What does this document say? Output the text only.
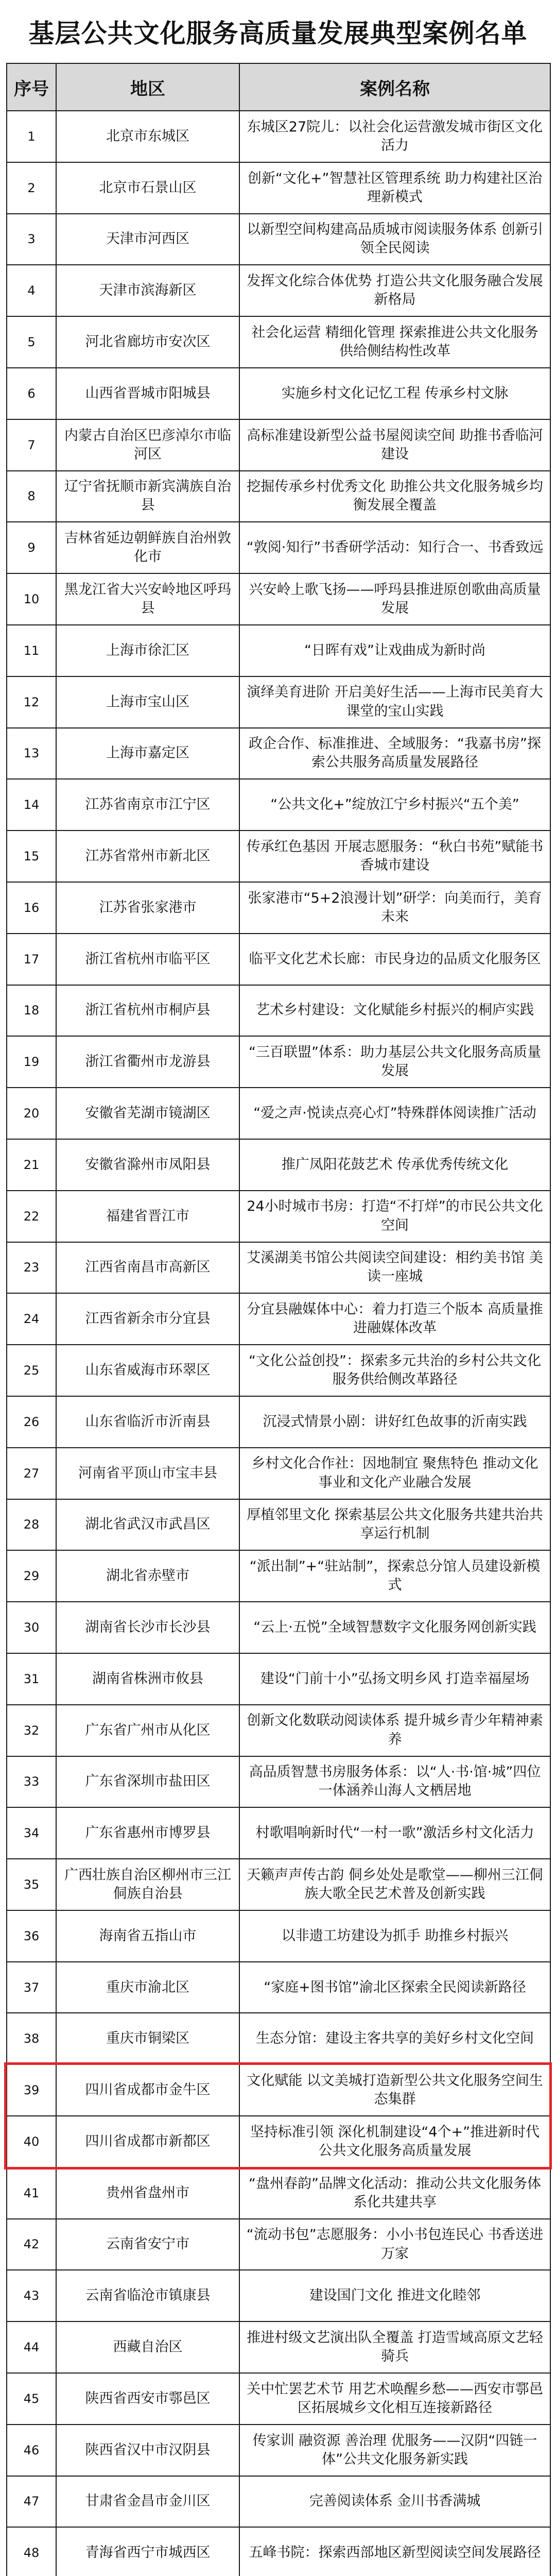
基层公共文化服务高质量发展典型案例名单
序号	地区	案例名称
1	北京市东城区	东城区27院儿：以社会化运营激发城市街区文化活力
2	北京市石景山区	创新“文化+”智慧社区管理系统 助力构建社区治理新模式
3	天津市河西区	以新型空间构建高品质城市阅读服务体系 创新引领全民阅读
4	天津市滨海新区	发挥文化综合体优势 打造公共文化服务融合发展新格局
5	河北省廊坊市安次区	社会化运营 精细化管理 探索推进公共文化服务供给侧结构性改革
6	山西省晋城市阳城县	实施乡村文化记忆工程 传承乡村文脉
7	内蒙古自治区巴彦淖尔市临河区	高标准建设新型公益书屋阅读空间 助推书香临河建设
8	辽宁省抚顺市新宾满族自治县	挖掘传承乡村优秀文化 助推公共文化服务城乡均衡发展全覆盖
9	吉林省延边朝鲜族自治州敦化市	“敦阅·知行”书香研学活动：知行合一、书香致远
10	黑龙江省大兴安岭地区呼玛县	兴安岭上歌飞扬——呼玛县推进原创歌曲高质量发展
11	上海市徐汇区	“日晖有戏”让戏曲成为新时尚
12	上海市宝山区	演绎美育进阶 开启美好生活——上海市民美育大课堂的宝山实践
13	上海市嘉定区	政企合作、标准推进、全域服务：“我嘉书房”探索公共服务高质量发展路径
14	江苏省南京市江宁区	“公共文化+”绽放江宁乡村振兴“五个美”
15	江苏省常州市新北区	传承红色基因 开展志愿服务：“秋白书苑”赋能书香城市建设
16	江苏省张家港市	张家港市“5+2浪漫计划”研学：向美而行，美育未来
17	浙江省杭州市临平区	临平文化艺术长廊：市民身边的品质文化服务区
18	浙江省杭州市桐庐县	艺术乡村建设：文化赋能乡村振兴的桐庐实践
19	浙江省衢州市龙游县	“三百联盟”体系：助力基层公共文化服务高质量发展
20	安徽省芜湖市镜湖区	“爱之声·悦读点亮心灯”特殊群体阅读推广活动
21	安徽省滁州市凤阳县	推广凤阳花鼓艺术 传承优秀传统文化
22	福建省晋江市	24小时城市书房：打造“不打烊”的市民公共文化空间
23	江西省南昌市高新区	艾溪湖美书馆公共阅读空间建设：相约美书馆 美读一座城
24	江西省新余市分宜县	分宜县融媒体中心：着力打造三个版本 高质量推进融媒体改革
25	山东省威海市环翠区	“文化公益创投”：探索多元共治的乡村公共文化服务供给侧改革路径
26	山东省临沂市沂南县	沉浸式情景小剧：讲好红色故事的沂南实践
27	河南省平顶山市宝丰县	乡村文化合作社：因地制宜 聚焦特色 推动文化事业和文化产业融合发展
28	湖北省武汉市武昌区	厚植邻里文化 探索基层公共文化服务共建共治共享运行机制
29	湖北省赤壁市	“派出制”+“驻站制”，探索总分馆人员建设新模式
30	湖南省长沙市长沙县	“云上·五悦”全域智慧数字文化服务网创新实践
31	湖南省株洲市攸县	建设“门前十小”弘扬文明乡风 打造幸福屋场
32	广东省广州市从化区	创新文化数联动阅读体系 提升城乡青少年精神素养
33	广东省深圳市盐田区	高品质智慧书房服务体系：以“人·书·馆·城”四位一体涵养山海人文栖居地
34	广东省惠州市博罗县	村歌唱响新时代“一村一歌”激活乡村文化活力
35	广西壮族自治区柳州市三江侗族自治县	天籁声声传古韵 侗乡处处是歌堂——柳州三江侗族大歌全民艺术普及创新实践
36	海南省五指山市	以非遗工坊建设为抓手 助推乡村振兴
37	重庆市渝北区	“家庭+图书馆”渝北区探索全民阅读新路径
38	重庆市铜梁区	生态分馆：建设主客共享的美好乡村文化空间
39	四川省成都市金牛区	文化赋能 以文美城打造新型公共文化服务空间生态集群
40	四川省成都市新都区	坚持标准引领 深化机制建设“4个+”推进新时代公共文化服务高质量发展
41	贵州省盘州市	“盘州春韵”品牌文化活动：推动公共文化服务体系化共建共享
42	云南省安宁市	“流动书包”志愿服务：小小书包连民心 书香送进万家
43	云南省临沧市镇康县	建设国门文化 推进文化睦邻
44	西藏自治区	推进村级文艺演出队全覆盖 打造雪域高原文艺轻骑兵
45	陕西省西安市鄠邑区	关中忙罢艺术节 用艺术唤醒乡愁——西安市鄠邑区拓展城乡文化相互连接新路径
46	陕西省汉中市汉阴县	传家训 融资源 善治理 优服务——汉阴“四链一体”公共文化服务新实践
47	甘肃省金昌市金川区	完善阅读体系 金川书香满城
48	青海省西宁市城西区	五峰书院：探索西部地区新型阅读空间发展路径
